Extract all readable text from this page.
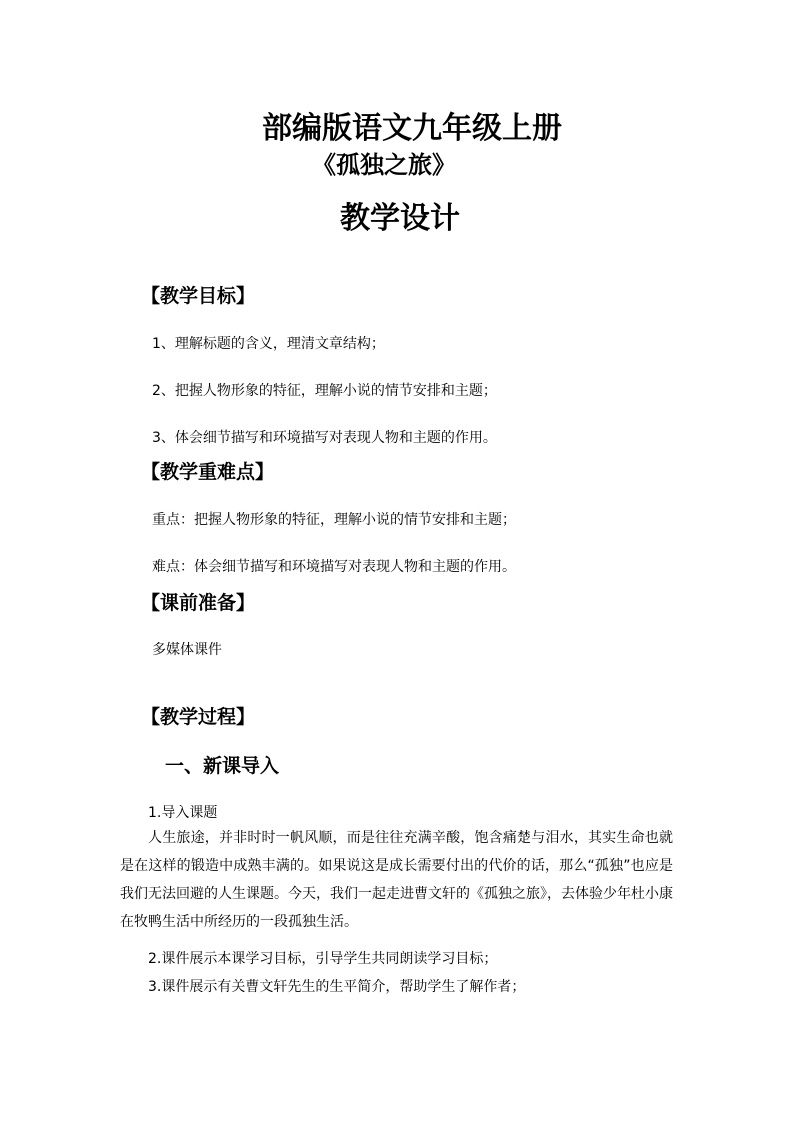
部编版语文九年级上册
《孤独之旅》
教学设计
【教学目标】
1、理解标题的含义，理清文章结构；
2、把握人物形象的特征，理解小说的情节安排和主题；
3、体会细节描写和环境描写对表现人物和主题的作用。
【教学重难点】
重点：把握人物形象的特征，理解小说的情节安排和主题；
难点：体会细节描写和环境描写对表现人物和主题的作用。
【课前准备】
多媒体课件
【教学过程】
一、新课导入
1.导入课题
人生旅途，并非时时一帆风顺，而是往往充满辛酸，饱含痛楚与泪水，其实生命也就是在这样的锻造中成熟丰满的。如果说这是成长需要付出的代价的话，那么“孤独”也应是我们无法回避的人生课题。今天，我们一起走进曹文轩的《孤独之旅》，去体验少年杜小康在牧鸭生活中所经历的一段孤独生活。
2.课件展示本课学习目标，引导学生共同朗读学习目标；
3.课件展示有关曹文轩先生的生平简介，帮助学生了解作者；
